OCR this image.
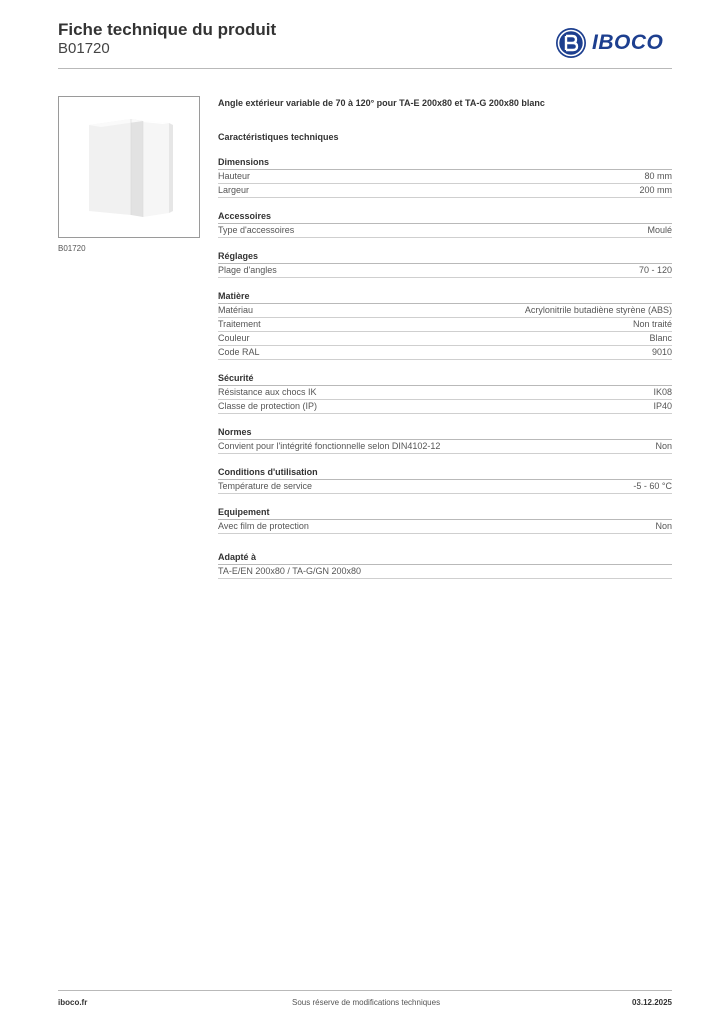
Fiche technique du produit
B01720	IBOCO
B01720
Angle extérieur variable de 70 à 120° pour TA-E 200x80 et TA-G 200x80 blanc
Caractéristiques techniques
Dimensions
Hauteur	80 mm
Largeur	200 mm
Accessoires
Type d'accessoires	Moulé
Réglages
Plage d'angles	70 - 120
Matière
Matériau	Acrylonitrile butadiène styrène (ABS)
Traitement	Non traité
Couleur	Blanc
Code RAL	9010
Sécurité
Résistance aux chocs IK	IK08
Classe de protection (IP)	IP40
Normes
Convient pour l'intégrité fonctionnelle selon DIN4102-12	Non
Conditions d'utilisation
Température de service	-5 - 60 °C
Equipement
Avec film de protection	Non
Adapté à
TA-E/EN 200x80 / TA-G/GN 200x80
iboco.fr	Sous réserve de modifications techniques	03.12.2025
